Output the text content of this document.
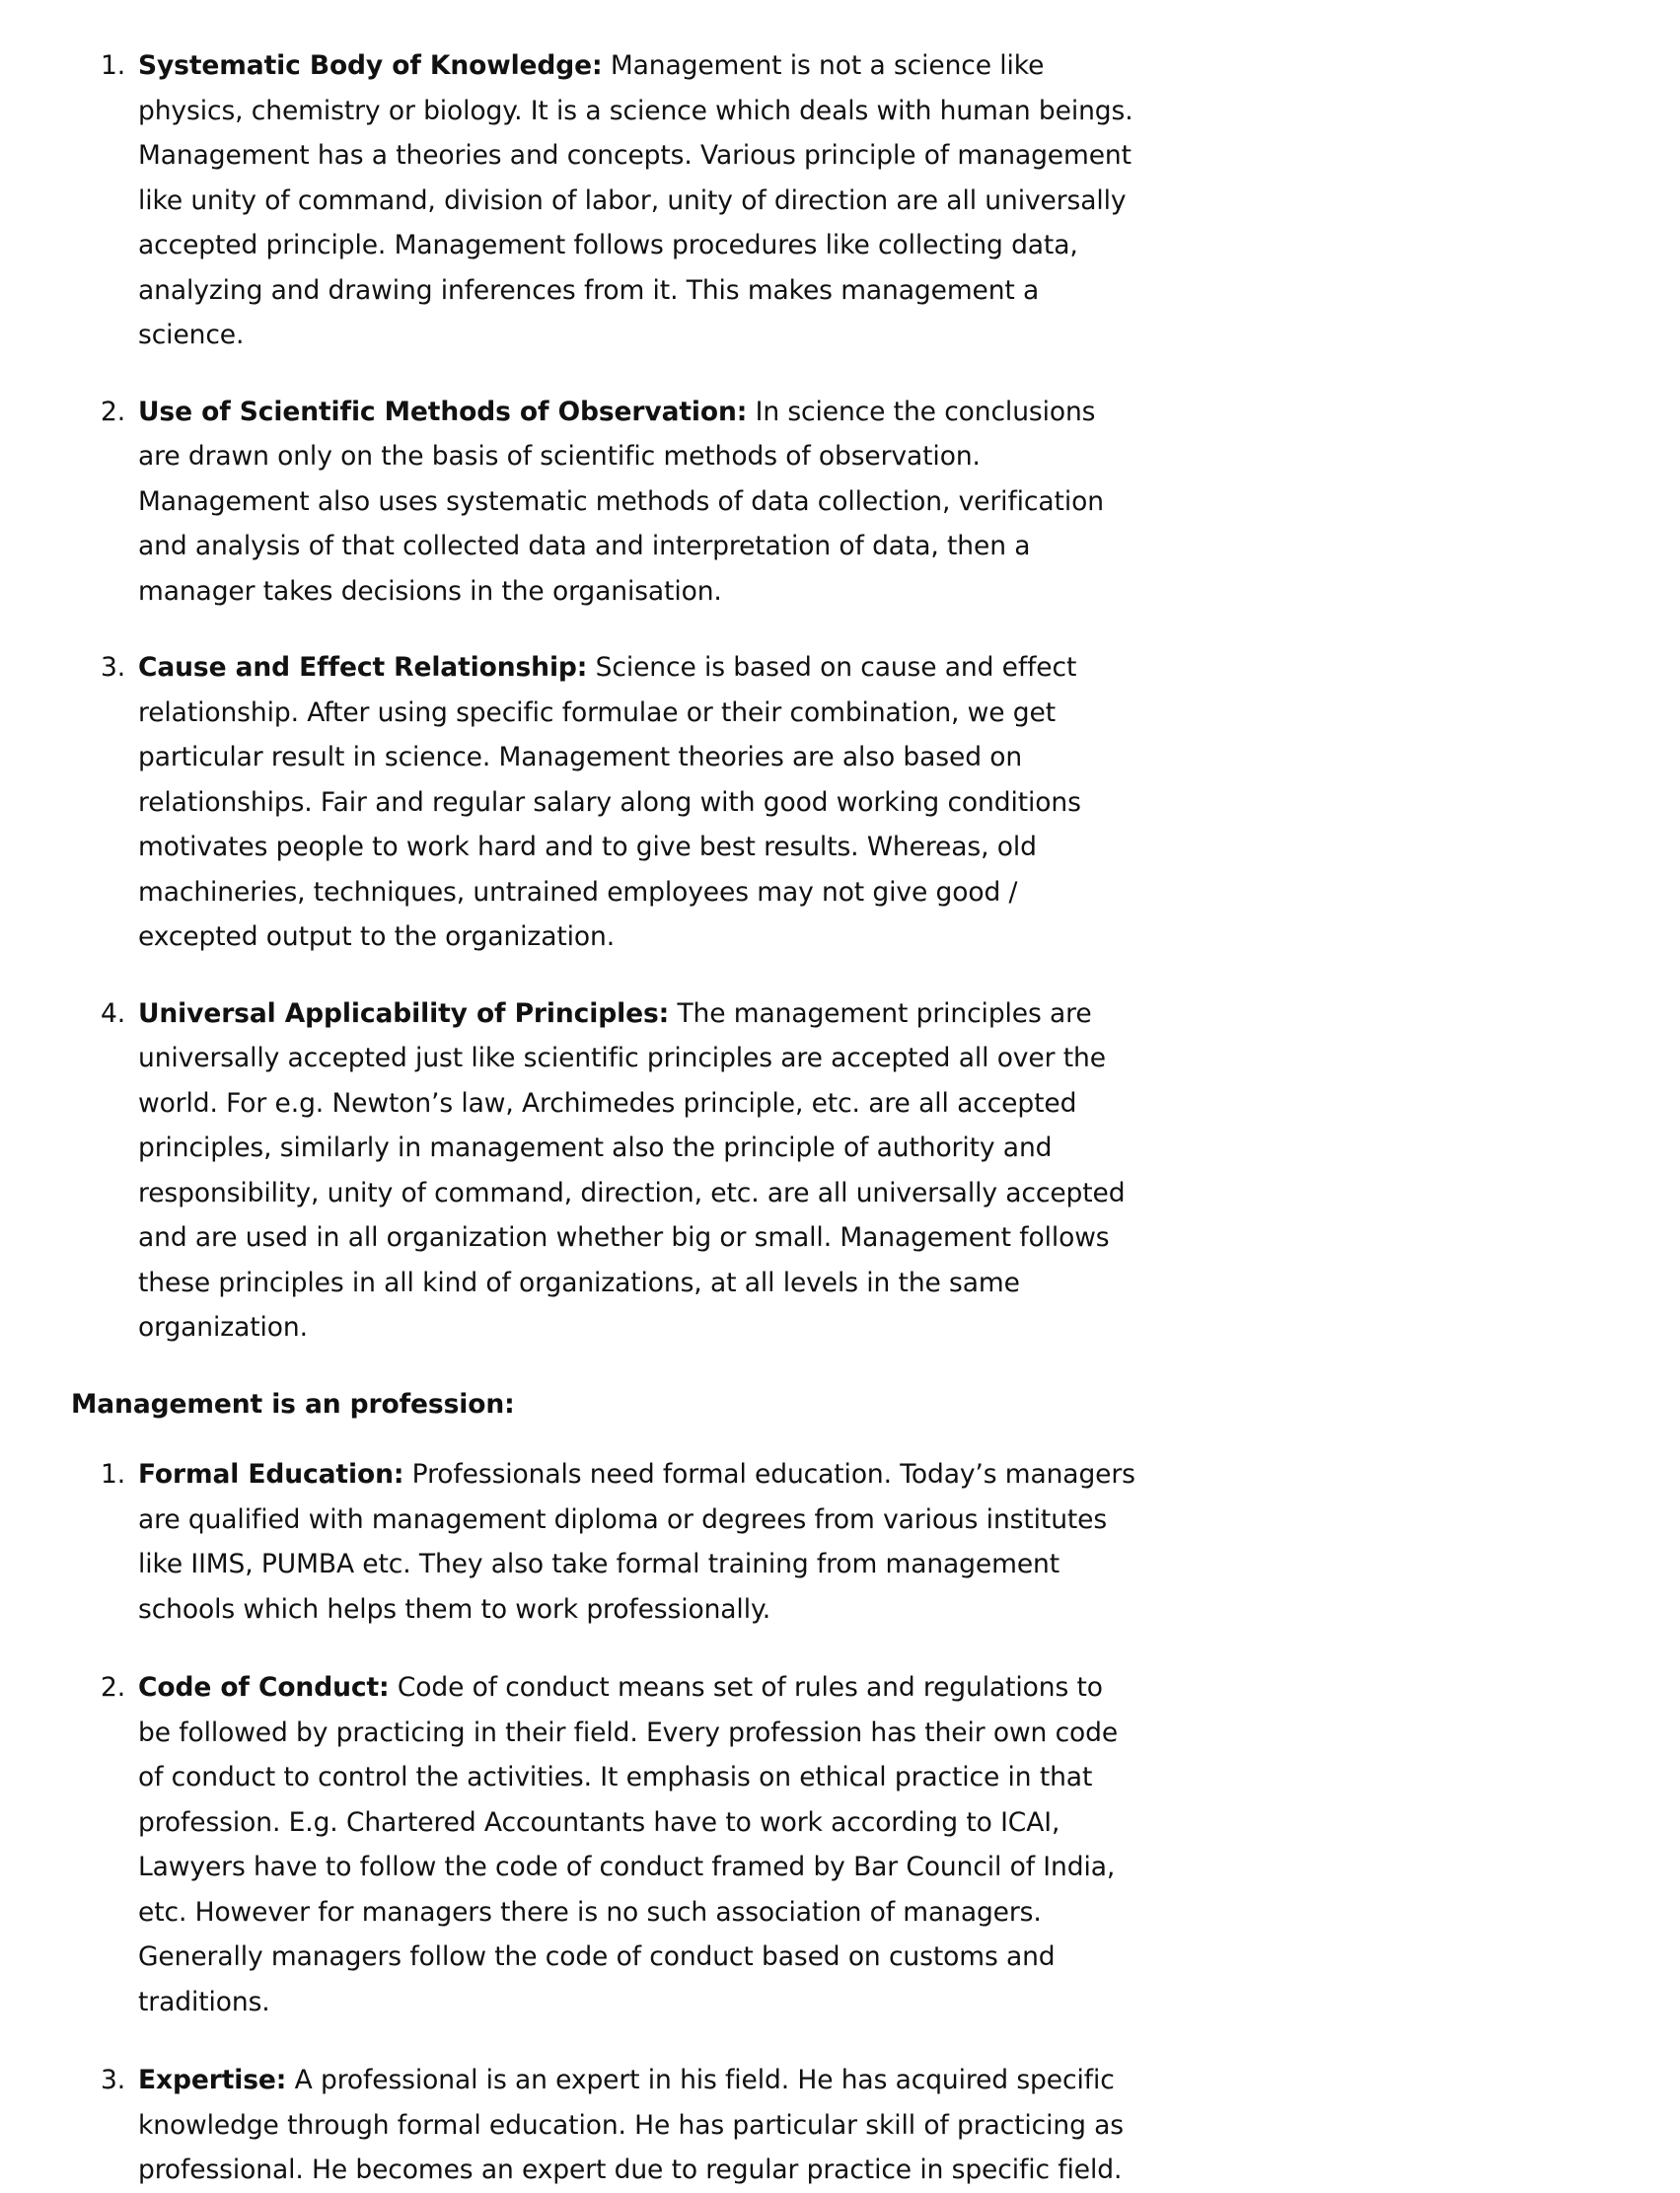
1. Systematic Body of Knowledge: Management is not a science like physics, chemistry or biology. It is a science which deals with human beings. Management has a theories and concepts. Various principle of management like unity of command, division of labor, unity of direction are all universally accepted principle. Management follows procedures like collecting data, analyzing and drawing inferences from it. This makes management a science.
2. Use of Scientific Methods of Observation: In science the conclusions are drawn only on the basis of scientific methods of observation. Management also uses systematic methods of data collection, verification and analysis of that collected data and interpretation of data, then a manager takes decisions in the organisation.
3. Cause and Effect Relationship: Science is based on cause and effect relationship. After using specific formulae or their combination, we get particular result in science. Management theories are also based on relationships. Fair and regular salary along with good working conditions motivates people to work hard and to give best results. Whereas, old machineries, techniques, untrained employees may not give good / excepted output to the organization.
4. Universal Applicability of Principles: The management principles are universally accepted just like scientific principles are accepted all over the world. For e.g. Newton’s law, Archimedes principle, etc. are all accepted principles, similarly in management also the principle of authority and responsibility, unity of command, direction, etc. are all universally accepted and are used in all organization whether big or small. Management follows these principles in all kind of organizations, at all levels in the same organization.
Management is an profession:
1. Formal Education: Professionals need formal education. Today’s managers are qualified with management diploma or degrees from various institutes like IIMS, PUMBA etc. They also take formal training from management schools which helps them to work professionally.
2. Code of Conduct: Code of conduct means set of rules and regulations to be followed by practicing in their field. Every profession has their own code of conduct to control the activities. It emphasis on ethical practice in that profession. E.g. Chartered Accountants have to work according to ICAI, Lawyers have to follow the code of conduct framed by Bar Council of India, etc. However for managers there is no such association of managers. Generally managers follow the code of conduct based on customs and traditions.
3. Expertise: A professional is an expert in his field. He has acquired specific knowledge through formal education. He has particular skill of practicing as professional. He becomes an expert due to regular practice in specific field.
